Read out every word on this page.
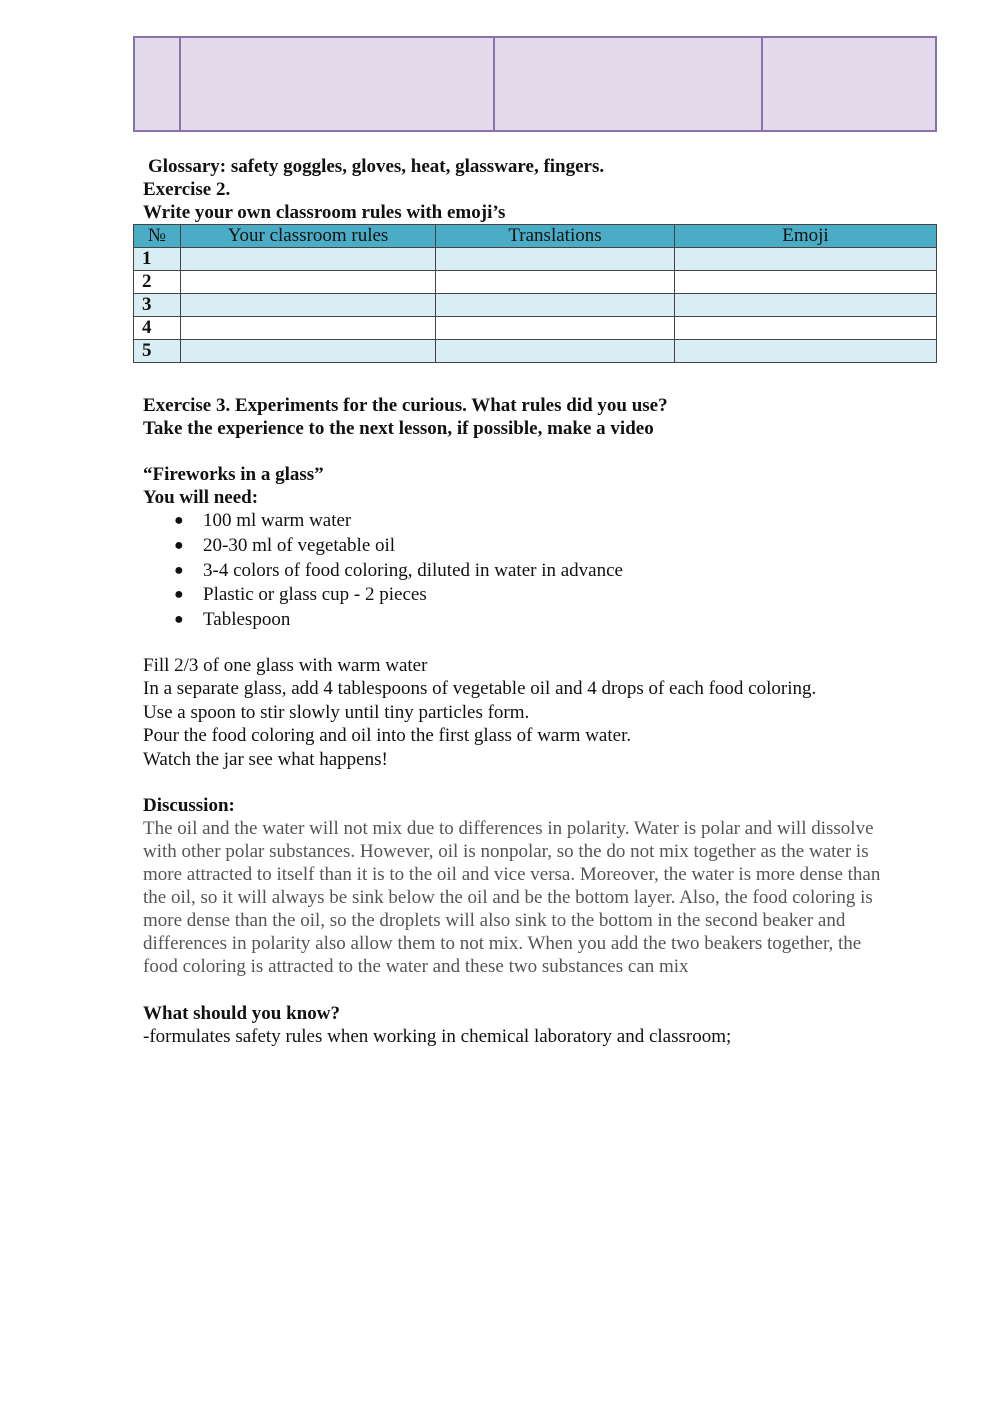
Glossary: safety goggles, gloves, heat, glassware, fingers.
Exercise 2.
Write your own classroom rules with emoji’s
№	Your classroom rules	Translations	Emoji
1			
2			
3			
4			
5			
Exercise 3. Experiments for the curious. What rules did you use?
Take the experience to the next lesson, if possible, make a video
“Fireworks in a glass”
You will need:
● 100 ml warm water
● 20-30 ml of vegetable oil
● 3-4 colors of food coloring, diluted in water in advance
● Plastic or glass cup - 2 pieces
● Tablespoon
Fill 2/3 of one glass with warm water
In a separate glass, add 4 tablespoons of vegetable oil and 4 drops of each food coloring.
Use a spoon to stir slowly until tiny particles form.
Pour the food coloring and oil into the first glass of warm water.
Watch the jar see what happens!
Discussion:
The oil and the water will not mix due to differences in polarity. Water is polar and will dissolve
with other polar substances. However, oil is nonpolar, so the do not mix together as the water is
more attracted to itself than it is to the oil and vice versa. Moreover, the water is more dense than
the oil, so it will always be sink below the oil and be the bottom layer. Also, the food coloring is
more dense than the oil, so the droplets will also sink to the bottom in the second beaker and
differences in polarity also allow them to not mix. When you add the two beakers together, the
food coloring is attracted to the water and these two substances can mix
What should you know?
-formulates safety rules when working in chemical laboratory and classroom;
